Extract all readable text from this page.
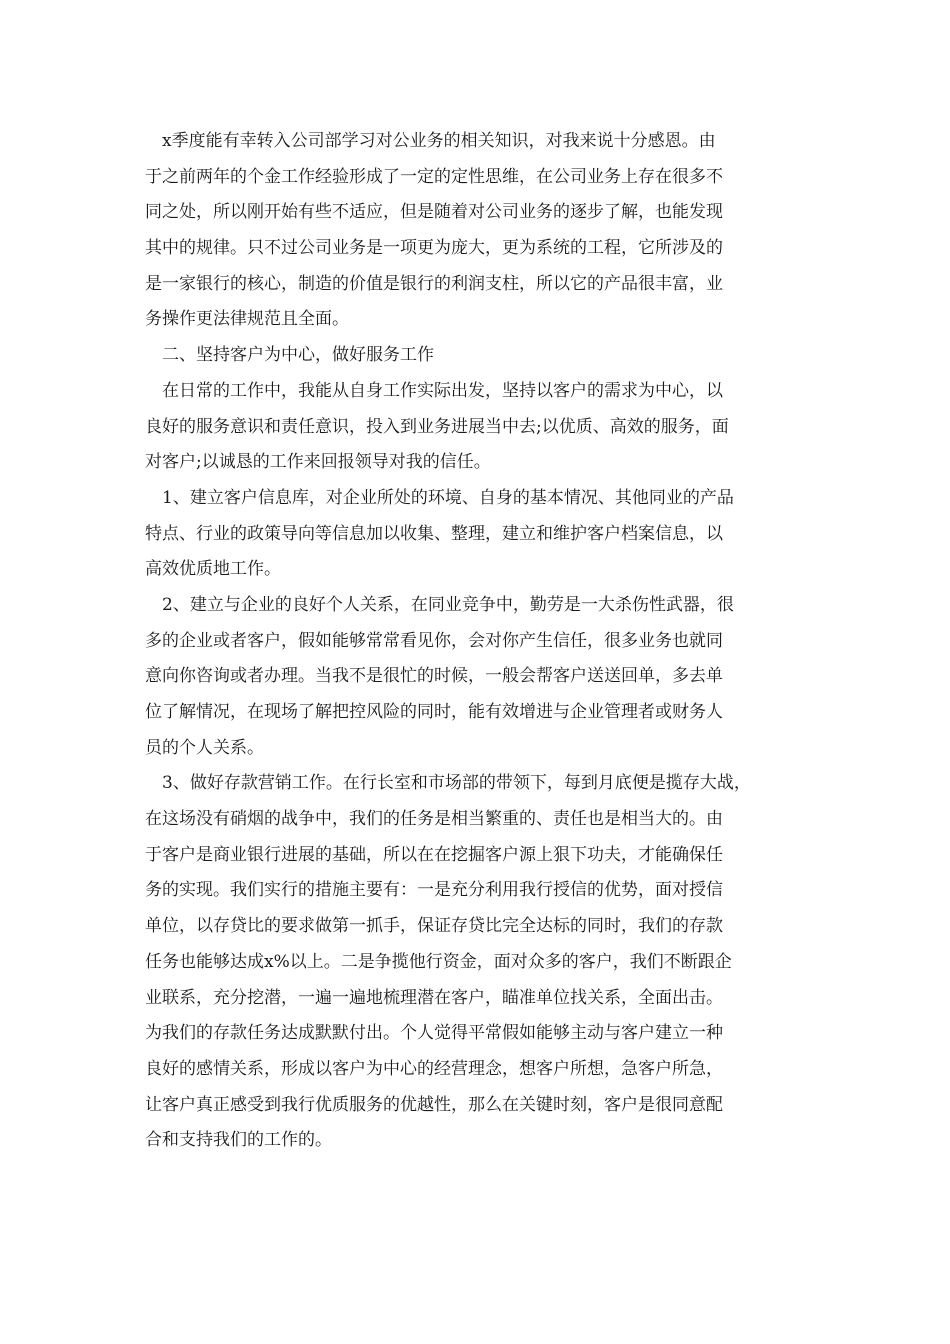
x季度能有幸转入公司部学习对公业务的相关知识，对我来说十分感恩。由
于之前两年的个金工作经验形成了一定的定性思维，在公司业务上存在很多不
同之处，所以刚开始有些不适应，但是随着对公司业务的逐步了解，也能发现
其中的规律。只不过公司业务是一项更为庞大，更为系统的工程，它所涉及的
是一家银行的核心，制造的价值是银行的利润支柱，所以它的产品很丰富，业
务操作更法律规范且全面。
二、坚持客户为中心，做好服务工作
在日常的工作中，我能从自身工作实际出发，坚持以客户的需求为中心，以
良好的服务意识和责任意识，投入到业务进展当中去;以优质、高效的服务，面
对客户;以诚恳的工作来回报领导对我的信任。
1、建立客户信息库，对企业所处的环境、自身的基本情况、其他同业的产品
特点、行业的政策导向等信息加以收集、整理，建立和维护客户档案信息，以
高效优质地工作。
2、建立与企业的良好个人关系，在同业竞争中，勤劳是一大杀伤性武器，很
多的企业或者客户，假如能够常常看见你，会对你产生信任，很多业务也就同
意向你咨询或者办理。当我不是很忙的时候，一般会帮客户送送回单，多去单
位了解情况，在现场了解把控风险的同时，能有效增进与企业管理者或财务人
员的个人关系。
3、做好存款营销工作。在行长室和市场部的带领下，每到月底便是揽存大战，
在这场没有硝烟的战争中，我们的任务是相当繁重的、责任也是相当大的。由
于客户是商业银行进展的基础，所以在在挖掘客户源上狠下功夫，才能确保任
务的实现。我们实行的措施主要有：一是充分利用我行授信的优势，面对授信
单位，以存贷比的要求做第一抓手，保证存贷比完全达标的同时，我们的存款
任务也能够达成x%以上。二是争揽他行资金，面对众多的客户，我们不断跟企
业联系，充分挖潜，一遍一遍地梳理潜在客户，瞄准单位找关系，全面出击。
为我们的存款任务达成默默付出。个人觉得平常假如能够主动与客户建立一种
良好的感情关系，形成以客户为中心的经营理念，想客户所想，急客户所急，
让客户真正感受到我行优质服务的优越性，那么在关键时刻，客户是很同意配
合和支持我们的工作的。
